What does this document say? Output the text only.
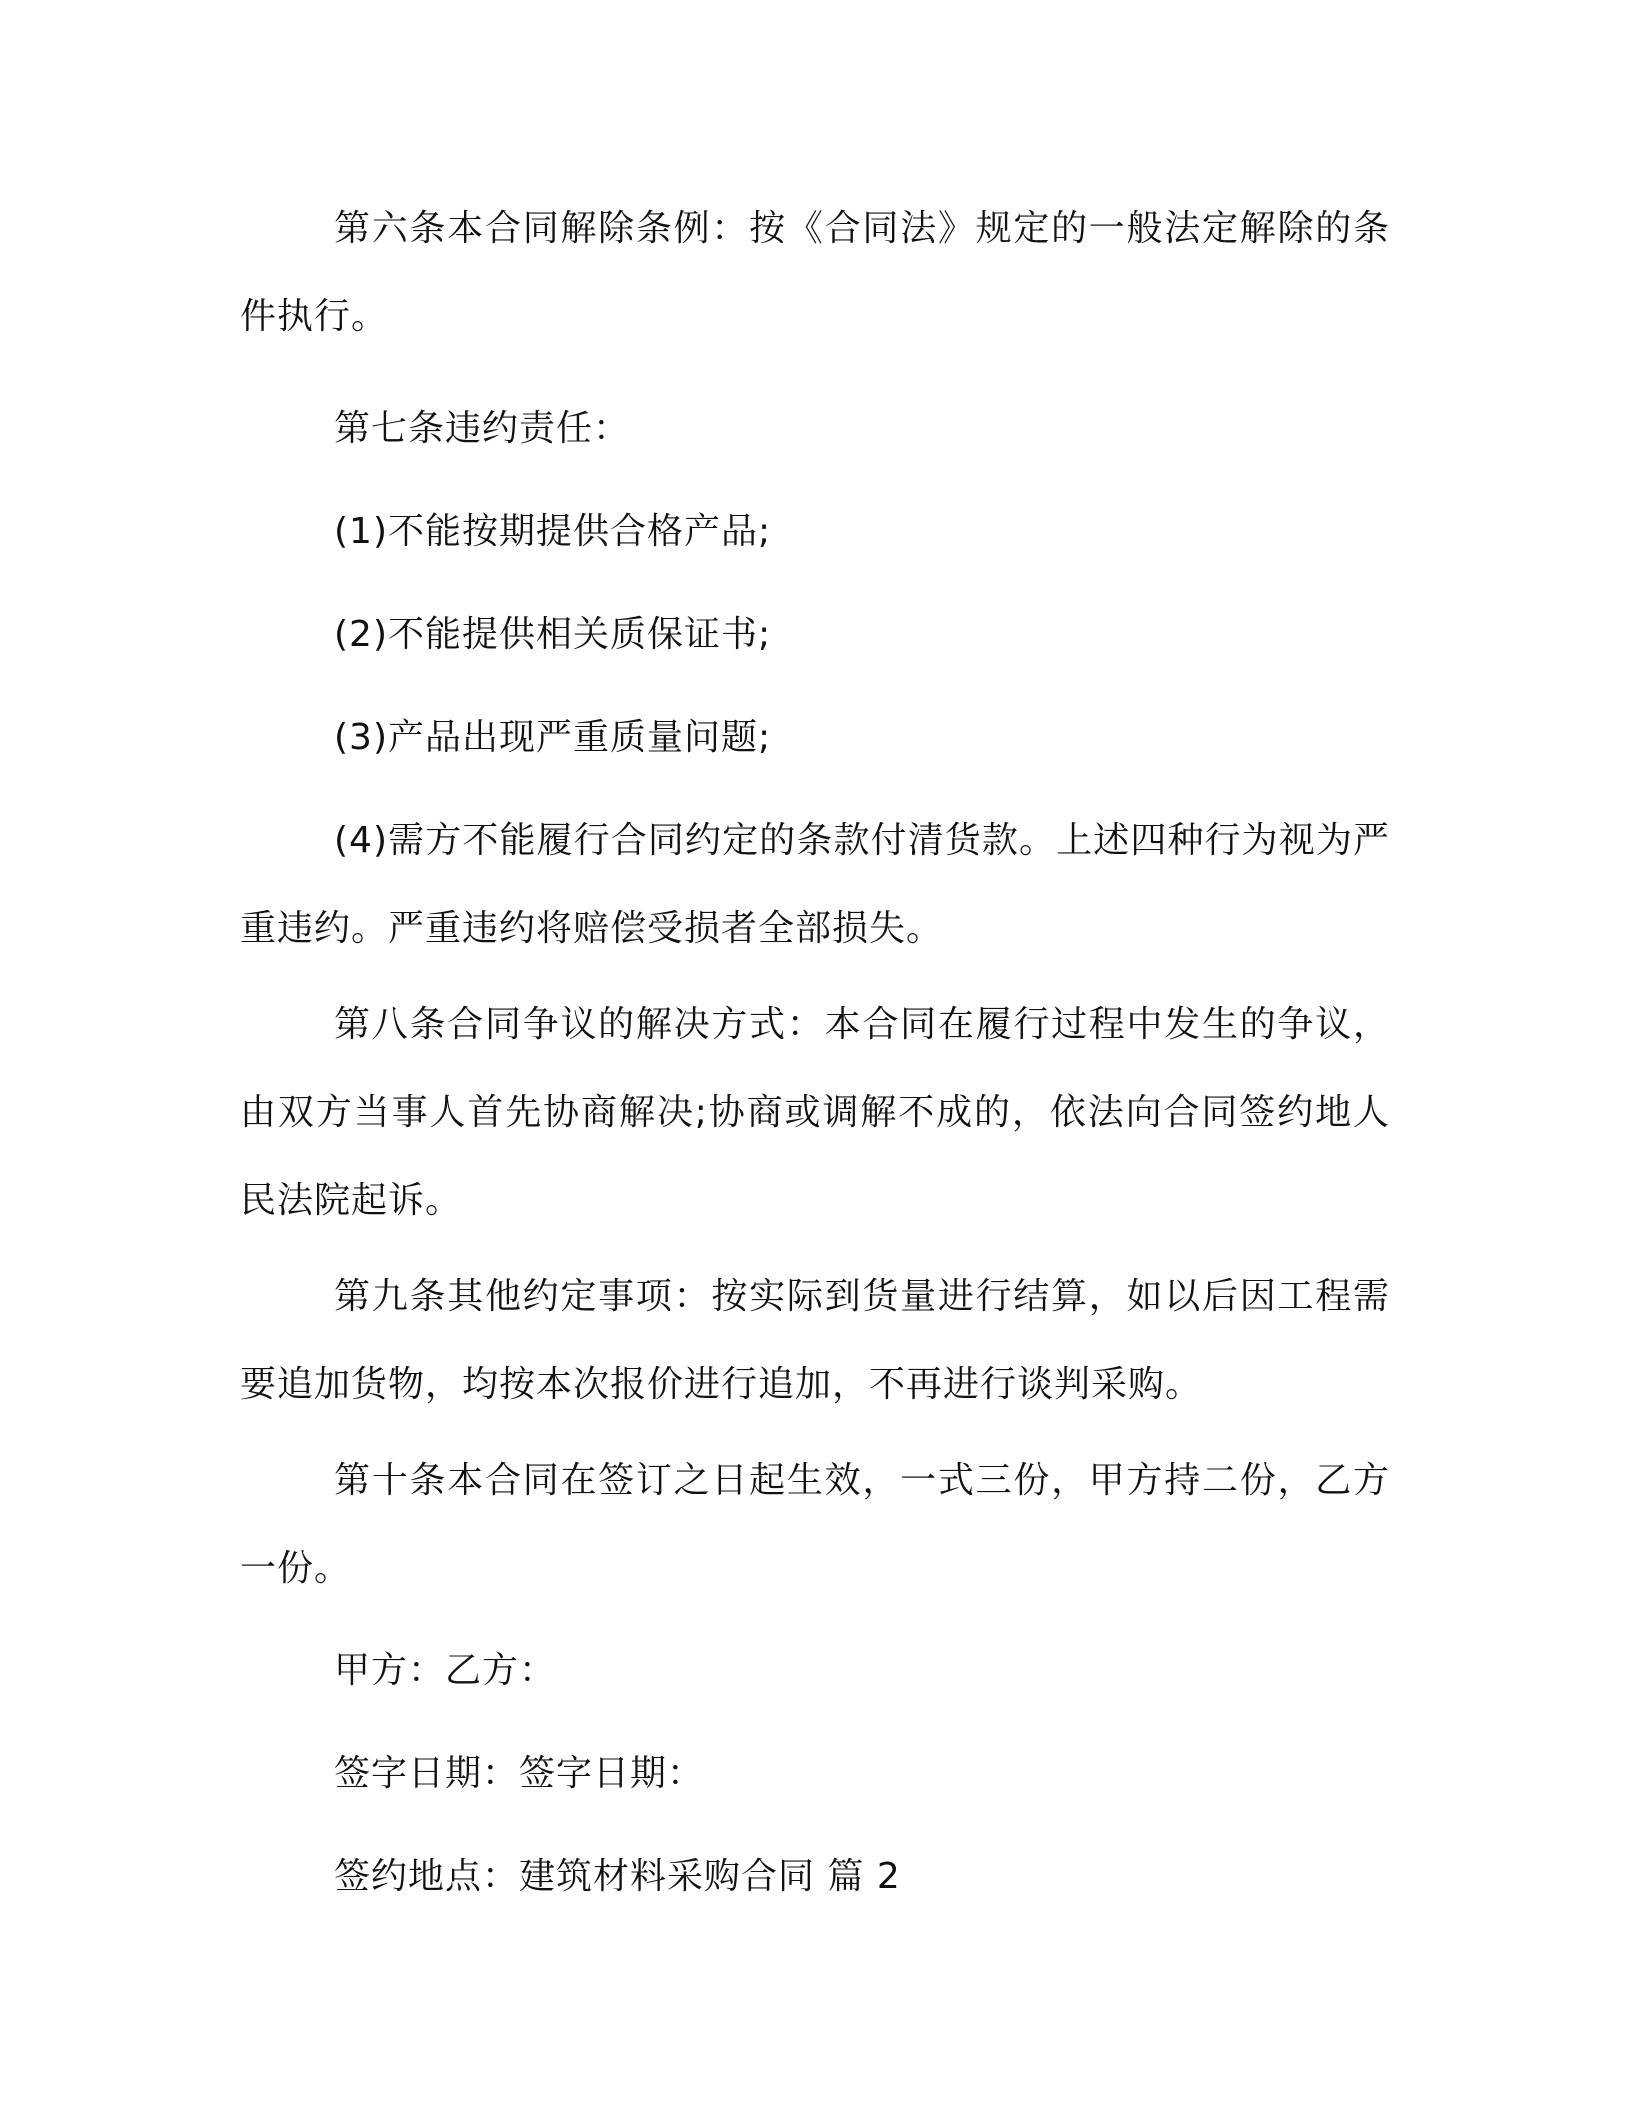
第六条本合同解除条例：按《合同法》规定的一般法定解除的条件执行。

第七条违约责任：

(1)不能按期提供合格产品;

(2)不能提供相关质保证书;

(3)产品出现严重质量问题;

(4)需方不能履行合同约定的条款付清货款。上述四种行为视为严重违约。严重违约将赔偿受损者全部损失。

第八条合同争议的解决方式：本合同在履行过程中发生的争议，由双方当事人首先协商解决;协商或调解不成的，依法向合同签约地人民法院起诉。

第九条其他约定事项：按实际到货量进行结算，如以后因工程需要追加货物，均按本次报价进行追加，不再进行谈判采购。

第十条本合同在签订之日起生效，一式三份，甲方持二份，乙方一份。

甲方：乙方：

签字日期：签字日期：

签约地点：建筑材料采购合同 篇 2
